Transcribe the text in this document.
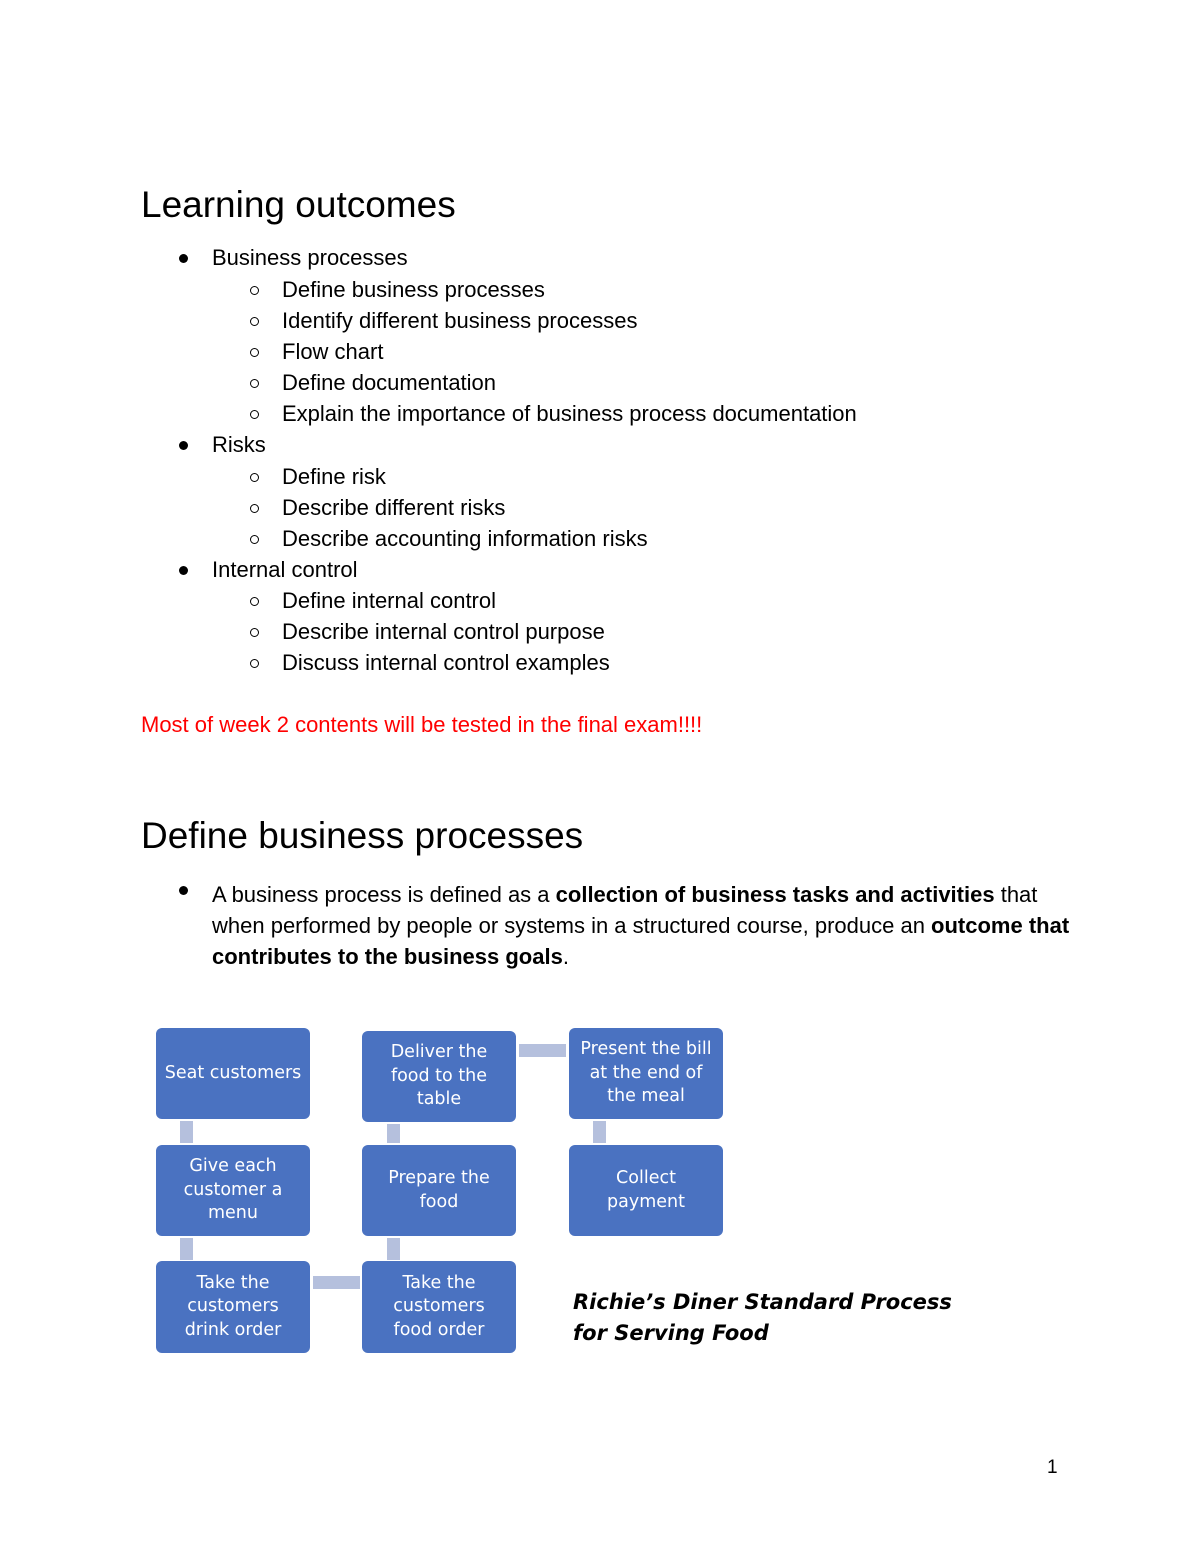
Learning outcomes
Business processes
Define business processes
Identify different business processes
Flow chart
Define documentation
Explain the importance of business process documentation
Risks
Define risk
Describe different risks
Describe accounting information risks
Internal control
Define internal control
Describe internal control purpose
Discuss internal control examples
Most of week 2 contents will be tested in the final exam!!!!
Define business processes

A business process is defined as a collection of business tasks and activities that when performed by people or systems in a structured course, produce an outcome that contributes to the business goals.

Seat customers
Give each
customer a
menu
Take the
customers
drink order
Take the
customers
food order
Prepare the
food
Deliver the
food to the
table
Present the bill
at the end of
the meal
Collect
payment
Richie’s Diner Standard Process
for Serving Food
1
